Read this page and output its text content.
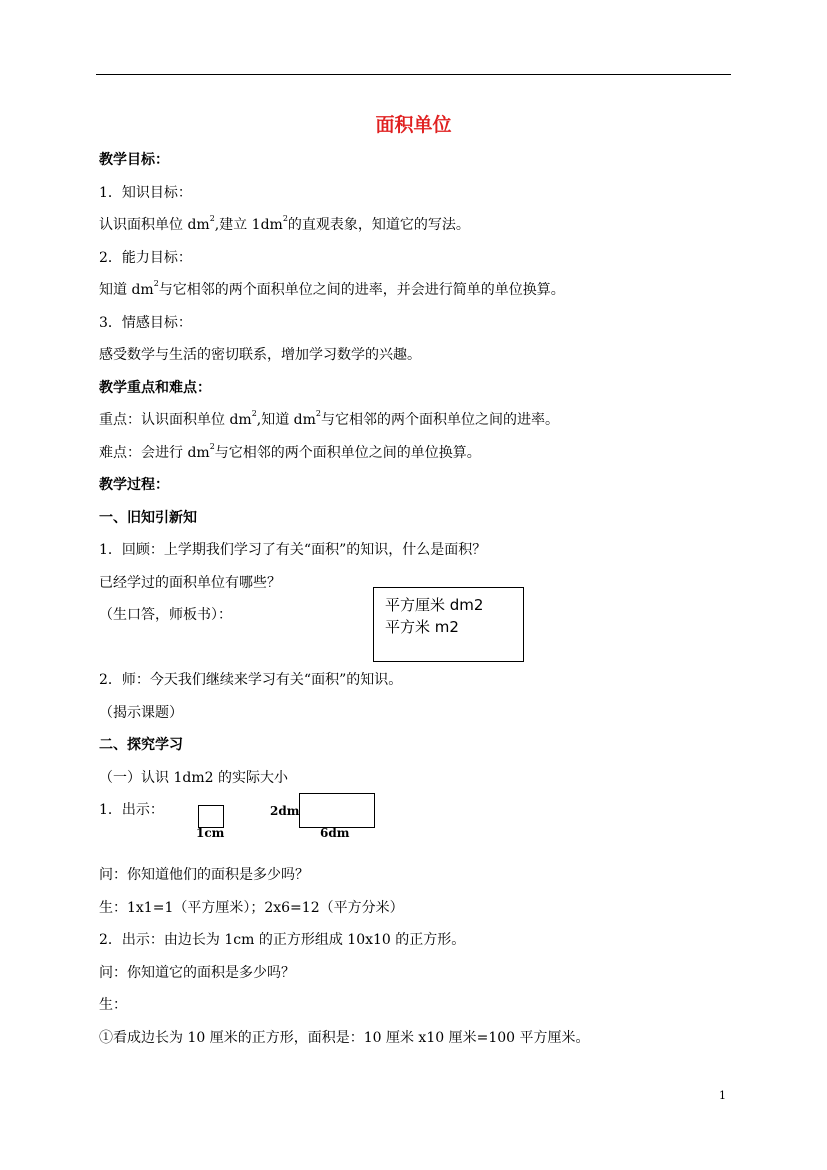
面积单位
教学目标：
1．知识目标：
认识面积单位 $dm^2$,建立 $1dm^2$的直观表象，知道它的写法。
2．能力目标：
知道 $dm^2$与它相邻的两个面积单位之间的进率，并会进行简单的单位换算。
3．情感目标：
感受数学与生活的密切联系，增加学习数学的兴趣。
教学重点和难点：
重点：认识面积单位 $dm^2$,知道 $dm^2$与它相邻的两个面积单位之间的进率。
难点：会进行 $dm^2$与它相邻的两个面积单位之间的单位换算。
教学过程：
一、旧知引新知
1．回顾：上学期我们学习了有关“面积”的知识，什么是面积？
已经学过的面积单位有哪些？
（生口答，师板书）：
平方厘米 dm2
平方米 m2
2．师：今天我们继续来学习有关“面积”的知识。
（揭示课题）
二、探究学习
（一）认识 1dm2 的实际大小
1．出示：
1cm
2dm
6dm
问：你知道他们的面积是多少吗？
生：1x1=1（平方厘米）；2x6=12（平方分米）
2．出示：由边长为 1cm 的正方形组成 10x10 的正方形。
问：你知道它的面积是多少吗？
生：
①看成边长为 10 厘米的正方形，面积是：10 厘米 x10 厘米=100 平方厘米。
1
